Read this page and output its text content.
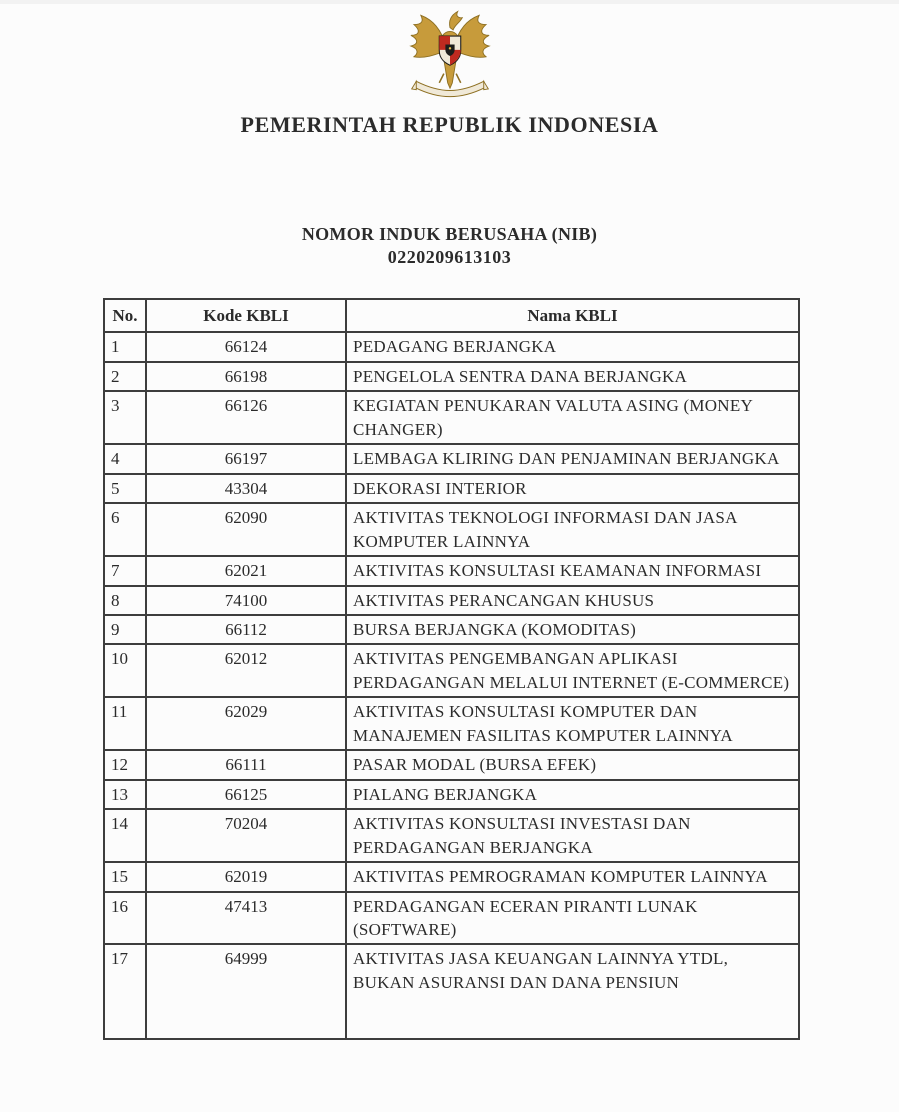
PEMERINTAH REPUBLIK INDONESIA
NOMOR INDUK BERUSAHA (NIB)
0220209613103
No.	Kode KBLI	Nama KBLI
1	66124	PEDAGANG BERJANGKA
2	66198	PENGELOLA SENTRA DANA BERJANGKA
3	66126	KEGIATAN PENUKARAN VALUTA ASING (MONEY CHANGER)
4	66197	LEMBAGA KLIRING DAN PENJAMINAN BERJANGKA
5	43304	DEKORASI INTERIOR
6	62090	AKTIVITAS TEKNOLOGI INFORMASI DAN JASA KOMPUTER LAINNYA
7	62021	AKTIVITAS KONSULTASI KEAMANAN INFORMASI
8	74100	AKTIVITAS PERANCANGAN KHUSUS
9	66112	BURSA BERJANGKA (KOMODITAS)
10	62012	AKTIVITAS PENGEMBANGAN APLIKASI PERDAGANGAN MELALUI INTERNET (E-COMMERCE)
11	62029	AKTIVITAS KONSULTASI KOMPUTER DAN MANAJEMEN FASILITAS KOMPUTER LAINNYA
12	66111	PASAR MODAL (BURSA EFEK)
13	66125	PIALANG BERJANGKA
14	70204	AKTIVITAS KONSULTASI INVESTASI DAN PERDAGANGAN BERJANGKA
15	62019	AKTIVITAS PEMROGRAMAN KOMPUTER LAINNYA
16	47413	PERDAGANGAN ECERAN PIRANTI LUNAK (SOFTWARE)
17	64999	AKTIVITAS JASA KEUANGAN LAINNYA YTDL, BUKAN ASURANSI DAN DANA PENSIUN
